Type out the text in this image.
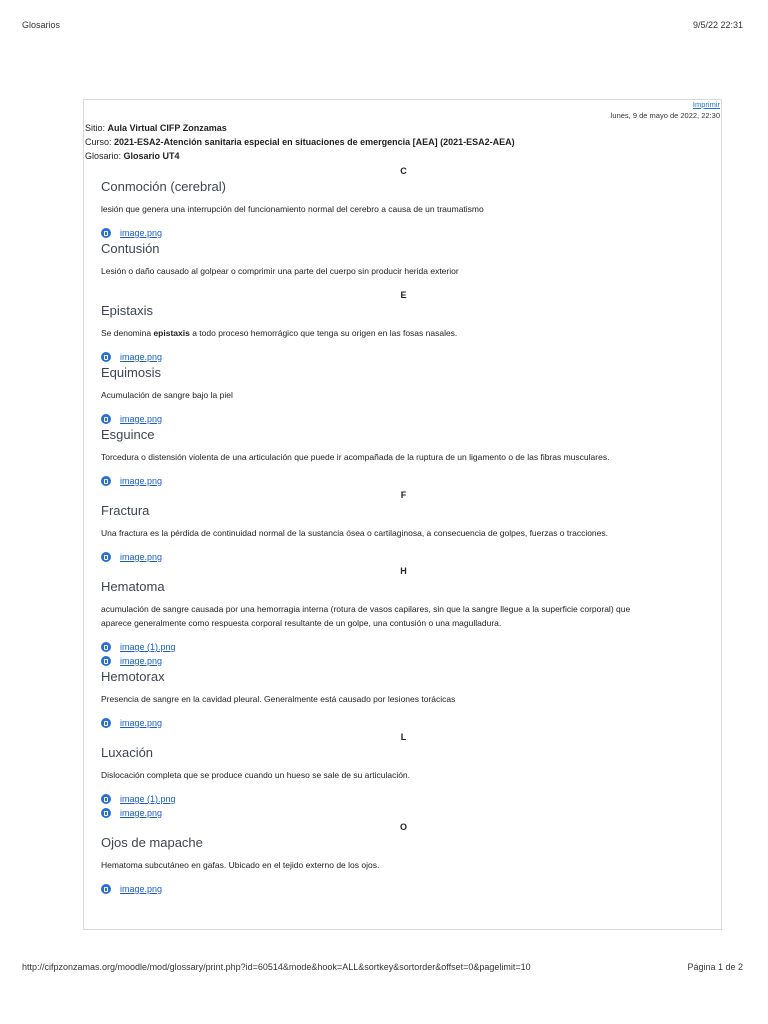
Glosarios	9/5/22 22:31
Imprimir
lunes, 9 de mayo de 2022, 22:30
Sitio: Aula Virtual CIFP Zonzamas
Curso: 2021-ESA2-Atención sanitaria especial en situaciones de emergencia [AEA] (2021-ESA2-AEA)
Glosario: Glosario UT4
C
Conmoción (cerebral)
lesión que genera una interrupción del funcionamiento normal del cerebro a causa de un traumatismo
image.png
Contusión
Lesión o daño causado al golpear o comprimir una parte del cuerpo sin producir herida exterior
E
Epistaxis
Se denomina epistaxis a todo proceso hemorrágico que tenga su origen en las fosas nasales.
image.png
Equimosis
Acumulación de sangre bajo la piel
image.png
Esguince
Torcedura o distensión violenta de una articulación que puede ir acompañada de la ruptura de un ligamento o de las fibras musculares.
image.png
F
Fractura
Una fractura es la pérdida de continuidad normal de la sustancia ósea o cartilaginosa, a consecuencia de golpes, fuerzas o tracciones.
image.png
H
Hematoma
acumulación de sangre causada por una hemorragia interna (rotura de vasos capilares, sin que la sangre llegue a la superficie corporal) que aparece generalmente como respuesta corporal resultante de un golpe, una contusión o una magulladura.
image (1).png
image.png
Hemotorax
Presencia de sangre en la cavidad pleural. Generalmente está causado por lesiones torácicas
image.png
L
Luxación
Dislocación completa que se produce cuando un hueso se sale de su articulación.
image (1).png
image.png
O
Ojos de mapache
Hematoma subcutáneo en gafas. Ubicado en el tejido externo de los ojos.
image.png
http://cifpzonzamas.org/moodle/mod/glossary/print.php?id=60514&mode&hook=ALL&sortkey&sortorder&offset=0&pagelimit=10	Página 1 de 2
